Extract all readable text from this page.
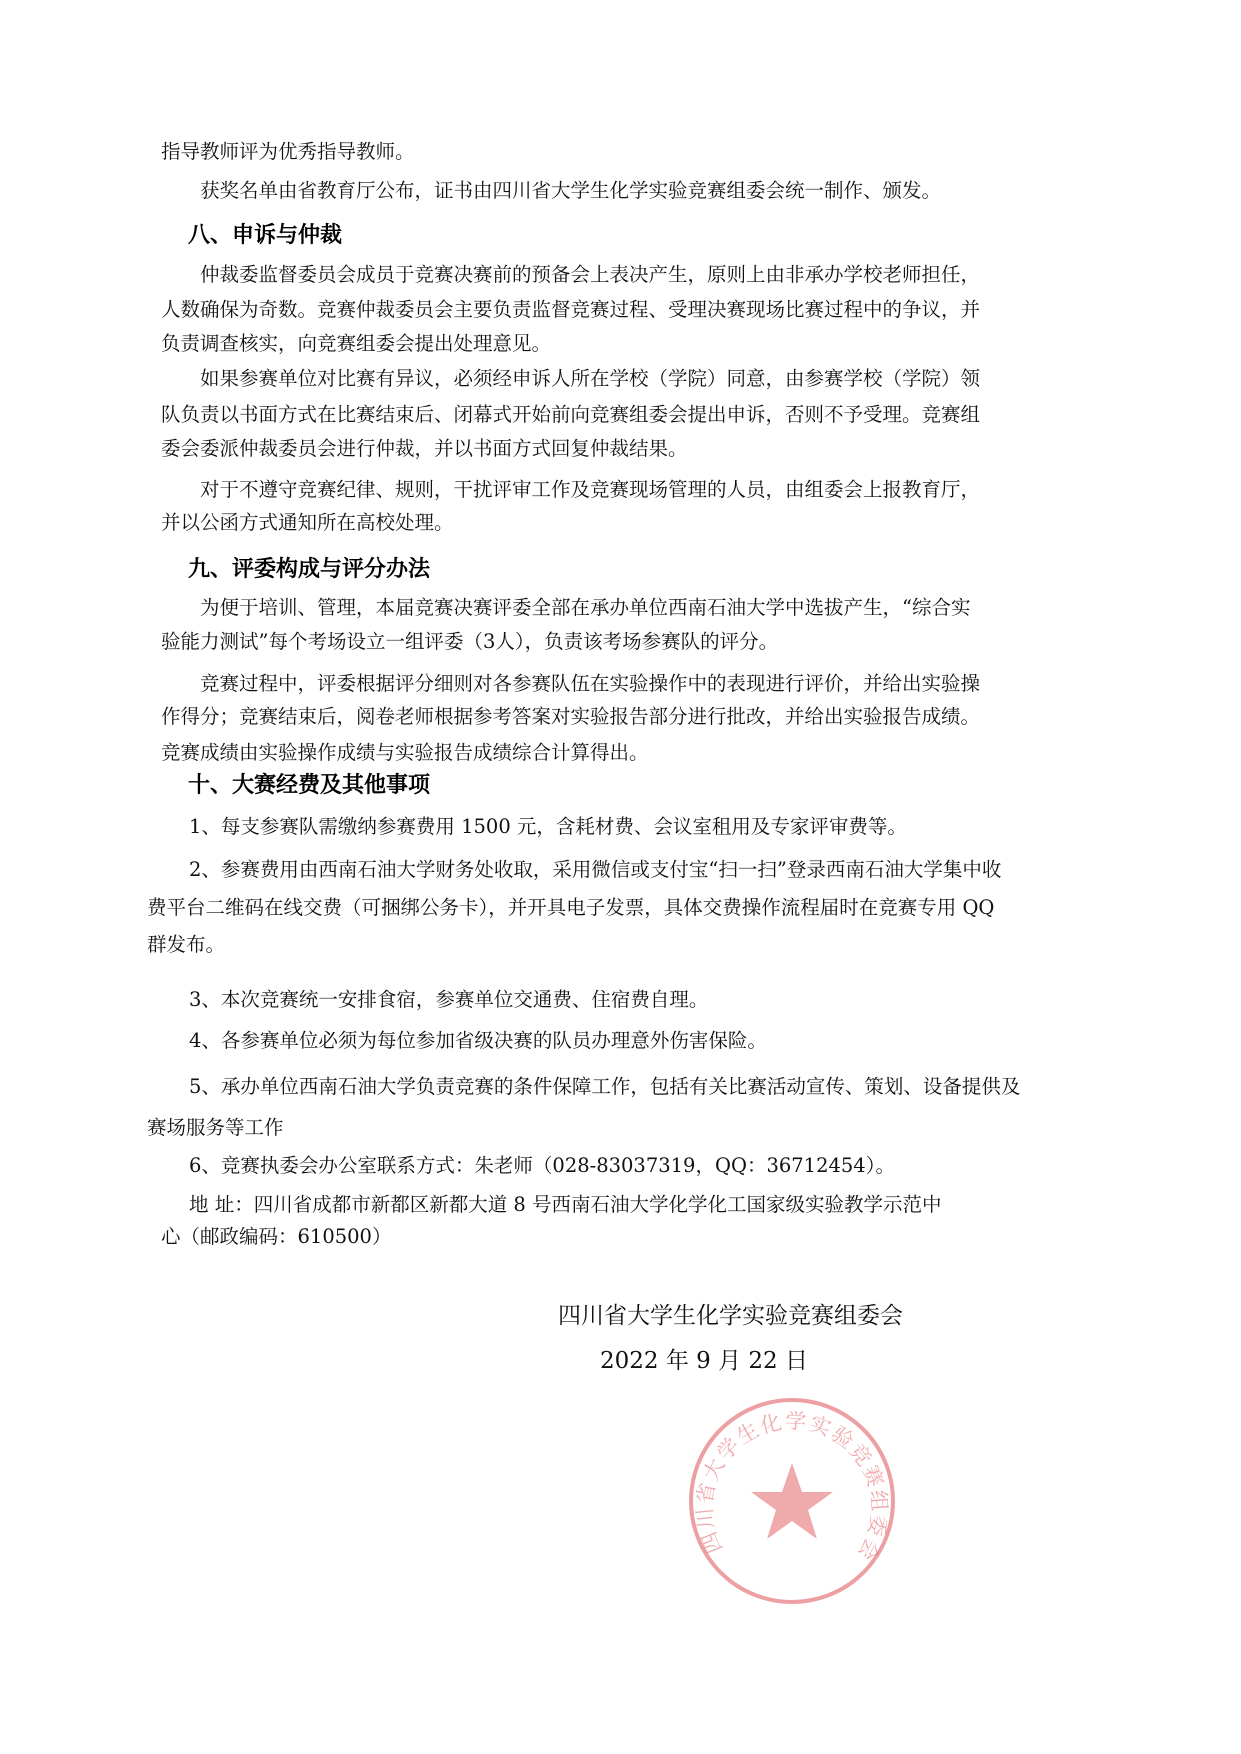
指导教师评为优秀指导教师。

获奖名单由省教育厅公布，证书由四川省大学生化学实验竞赛组委会统一制作、颁发。

八、申诉与仲裁

仲裁委监督委员会成员于竞赛决赛前的预备会上表决产生，原则上由非承办学校老师担任，

人数确保为奇数。竞赛仲裁委员会主要负责监督竞赛过程、受理决赛现场比赛过程中的争议，并

负责调查核实，向竞赛组委会提出处理意见。

如果参赛单位对比赛有异议，必须经申诉人所在学校（学院）同意，由参赛学校（学院）领

队负责以书面方式在比赛结束后、闭幕式开始前向竞赛组委会提出申诉，否则不予受理。竞赛组

委会委派仲裁委员会进行仲裁，并以书面方式回复仲裁结果。

对于不遵守竞赛纪律、规则，干扰评审工作及竞赛现场管理的人员，由组委会上报教育厅，

并以公函方式通知所在高校处理。

九、评委构成与评分办法

为便于培训、管理，本届竞赛决赛评委全部在承办单位西南石油大学中选拔产生，“综合实

验能力测试”每个考场设立一组评委（3人），负责该考场参赛队的评分。

竞赛过程中，评委根据评分细则对各参赛队伍在实验操作中的表现进行评价，并给出实验操

作得分；竞赛结束后，阅卷老师根据参考答案对实验报告部分进行批改，并给出实验报告成绩。

竞赛成绩由实验操作成绩与实验报告成绩综合计算得出。

十、大赛经费及其他事项

1、每支参赛队需缴纳参赛费用 1500 元，含耗材费、会议室租用及专家评审费等。

2、参赛费用由西南石油大学财务处收取，采用微信或支付宝“扫一扫”登录西南石油大学集中收

费平台二维码在线交费（可捆绑公务卡），并开具电子发票，具体交费操作流程届时在竞赛专用 QQ

群发布。

3、本次竞赛统一安排食宿，参赛单位交通费、住宿费自理。

4、各参赛单位必须为每位参加省级决赛的队员办理意外伤害保险。

5、承办单位西南石油大学负责竞赛的条件保障工作，包括有关比赛活动宣传、策划、设备提供及

赛场服务等工作

6、竞赛执委会办公室联系方式：朱老师（028-83037319，QQ：36712454）。

地 址：四川省成都市新都区新都大道 8 号西南石油大学化学化工国家级实验教学示范中

心（邮政编码：610500）

四川省大学生化学实验竞赛组委会

四川省大学生化学实验竞赛组委会

2022 年 9 月 22 日
